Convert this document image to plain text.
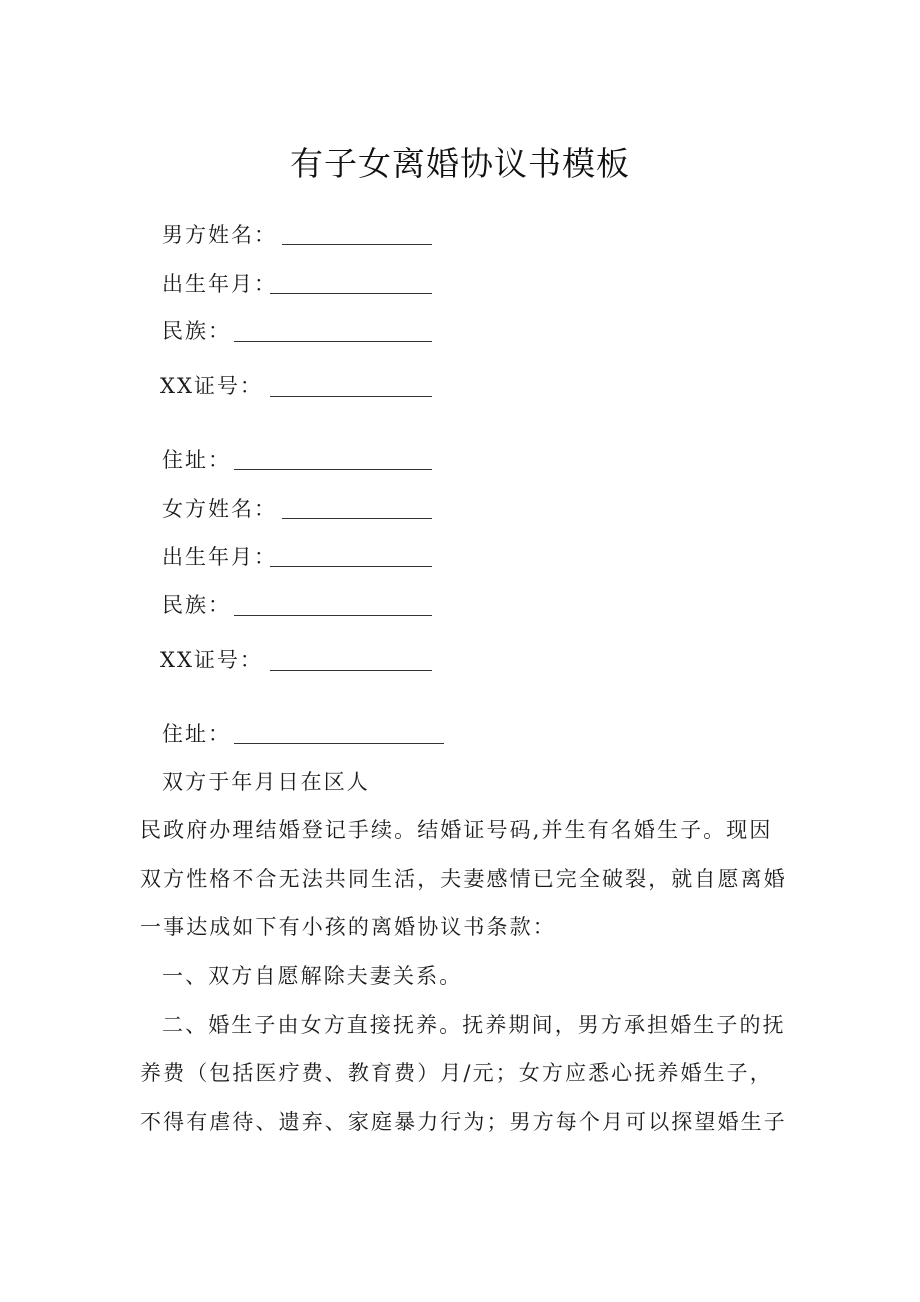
有子女离婚协议书模板
男方姓名：
出生年月：
民族：
XX证号：
住址：
女方姓名：
出生年月：
民族：
XX证号：
住址：
双方于年月日在区人
民政府办理结婚登记手续。结婚证号码,并生有名婚生子。现因
双方性格不合无法共同生活，夫妻感情已完全破裂，就自愿离婚
一事达成如下有小孩的离婚协议书条款：
一、双方自愿解除夫妻关系。
二、婚生子由女方直接抚养。抚养期间，男方承担婚生子的抚
养费（包括医疗费、教育费）月/元；女方应悉心抚养婚生子，
不得有虐待、遗弃、家庭暴力行为；男方每个月可以探望婚生子
